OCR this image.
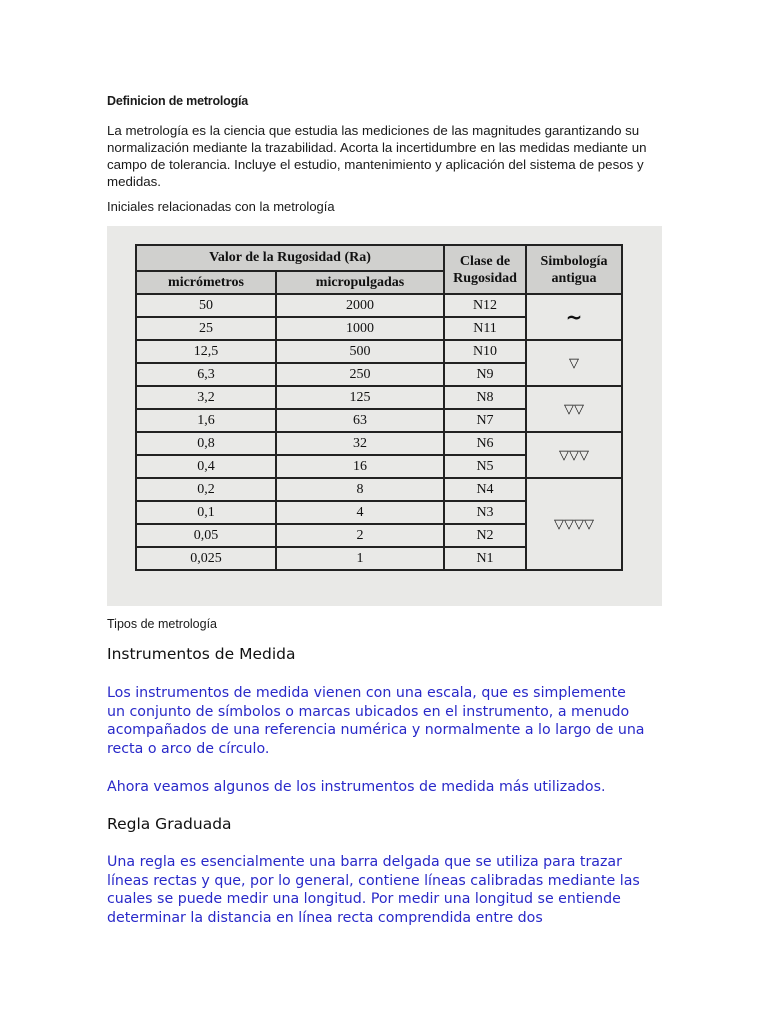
Definicion de metrología
La metrología es la ciencia que estudia las mediciones de las magnitudes garantizando su normalización mediante la trazabilidad. Acorta la incertidumbre en las medidas mediante un campo de tolerancia. Incluye el estudio, mantenimiento y aplicación del sistema de pesos y medidas.
Iniciales relacionadas con la metrología
Valor de la Rugosidad (Ra)		Clase de Rugosidad	Simbología antigua
micrómetros	micropulgadas		
50	2000	N12	~
25	1000	N11	
12,5	500	N10	▽
6,3	250	N9	
3,2	125	N8	▽▽
1,6	63	N7	
0,8	32	N6	▽▽▽
0,4	16	N5	
0,2	8	N4	▽▽▽▽
0,1	4	N3	
0,05	2	N2	
0,025	1	N1	
Tipos de metrología
Instrumentos de Medida
Los instrumentos de medida vienen con una escala, que es simplemente un conjunto de símbolos o marcas ubicados en el instrumento, a menudo acompañados de una referencia numérica y normalmente a lo largo de una recta o arco de círculo.
Ahora veamos algunos de los instrumentos de medida más utilizados.
Regla Graduada
Una regla es esencialmente una barra delgada que se utiliza para trazar líneas rectas y que, por lo general, contiene líneas calibradas mediante las cuales se puede medir una longitud. Por medir una longitud se entiende determinar la distancia en línea recta comprendida entre dos
